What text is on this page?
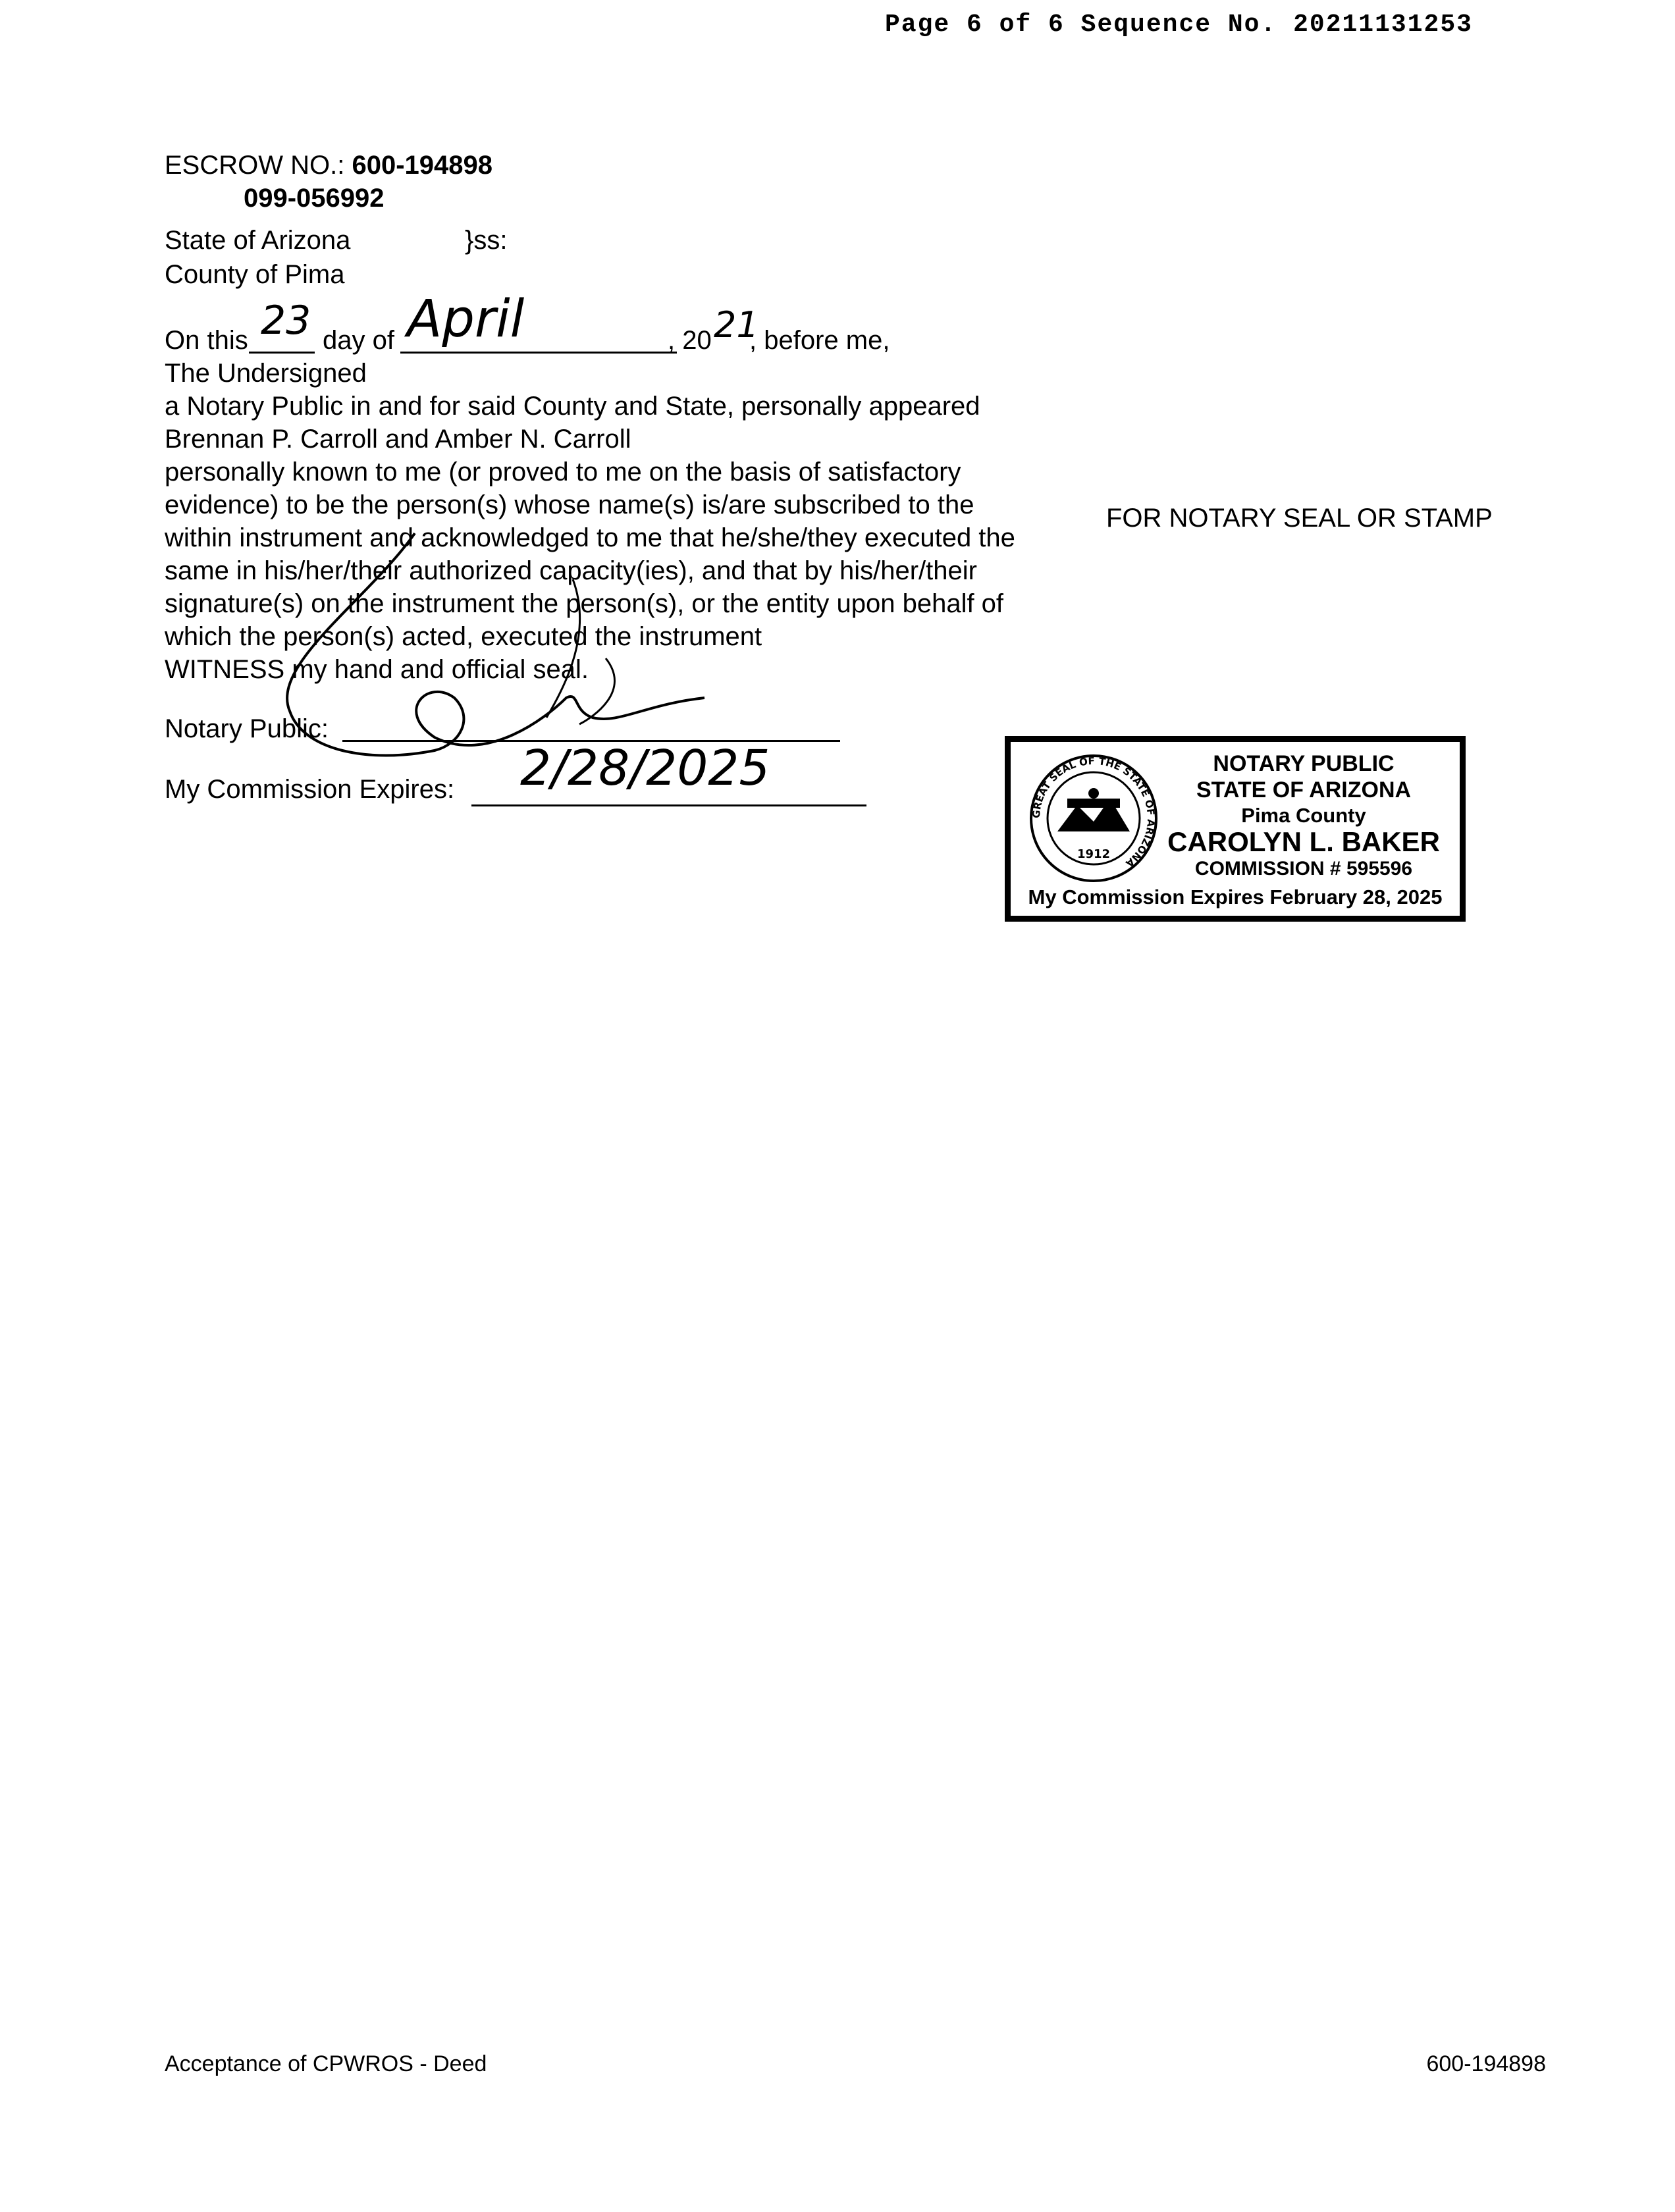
Page 6 of 6 Sequence No. 20211131253
ESCROW NO.: 600-194898
099-056992
State of Arizona	}ss:
County of Pima
On this 23 day of April	, 20 21
, before me,
The Undersigned
a Notary Public in and for said County and State, personally appeared
Brennan P. Carroll and Amber N. Carroll
personally known to me (or proved to me on the basis of satisfactory
evidence) to be the person(s) whose name(s) is/are subscribed to the
within instrument and acknowledged to me that he/she/they executed the
same in his/her/their authorized capacity(ies), and that by his/her/their
signature(s) on the instrument the person(s), or the entity upon behalf of
which the person(s) acted, executed the instrument
WITNESS my hand and official seal.
FOR NOTARY SEAL OR STAMP
Notary Public:
My Commission Expires: 2/28/2025
GREAT SEAL OF THE STATE OF ARIZONA
1912
NOTARY PUBLIC
STATE OF ARIZONA
Pima County
CAROLYN L. BAKER
COMMISSION # 595596
My Commission Expires February 28, 2025
Acceptance of CPWROS - Deed	600-194898
